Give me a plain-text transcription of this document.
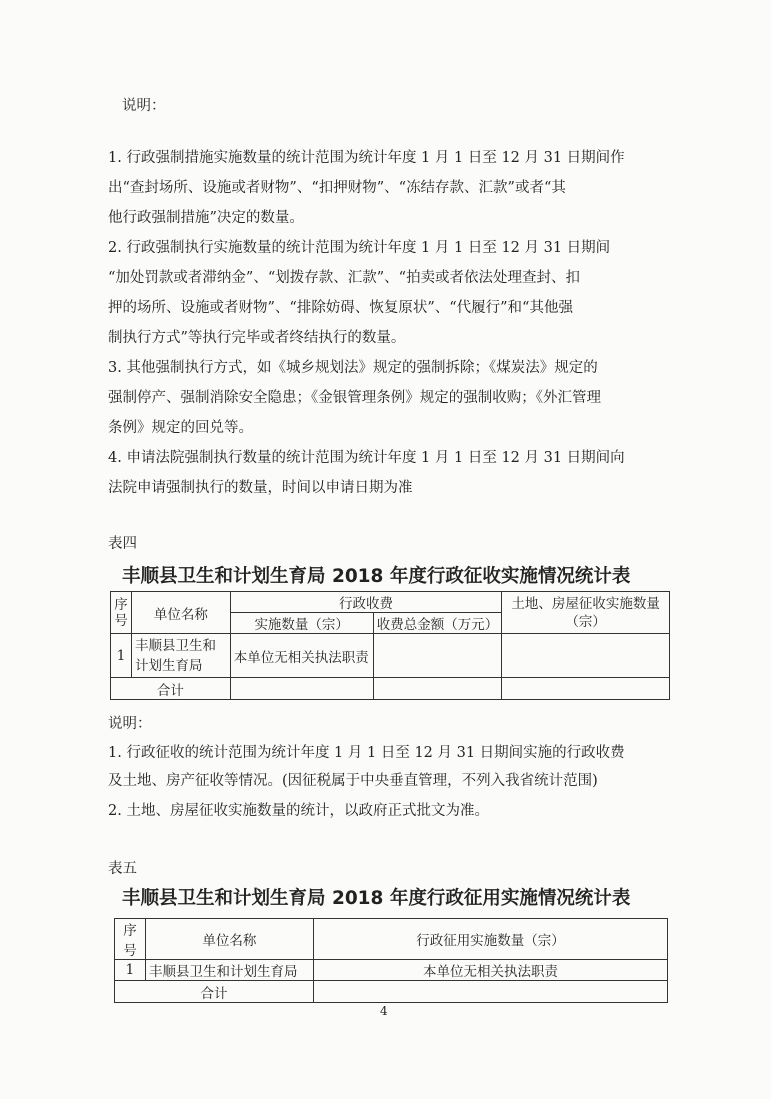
说明：
1. 行政强制措施实施数量的统计范围为统计年度 1 月 1 日至 12 月 31 日期间作
出“查封场所、设施或者财物”、“扣押财物”、“冻结存款、汇款”或者“其
他行政强制措施”决定的数量。
2. 行政强制执行实施数量的统计范围为统计年度 1 月 1 日至 12 月 31 日期间
“加处罚款或者滞纳金”、“划拨存款、汇款”、“拍卖或者依法处理查封、扣
押的场所、设施或者财物”、“排除妨碍、恢复原状”、“代履行”和“其他强
制执行方式”等执行完毕或者终结执行的数量。
3. 其他强制执行方式，如《城乡规划法》规定的强制拆除；《煤炭法》规定的
强制停产、强制消除安全隐患；《金银管理条例》规定的强制收购；《外汇管理
条例》规定的回兑等。
4. 申请法院强制执行数量的统计范围为统计年度 1 月 1 日至 12 月 31 日期间向
法院申请强制执行的数量，时间以申请日期为准
表四
丰顺县卫生和计划生育局 2018 年度行政征收实施情况统计表
序号	单位名称	行政收费		土地、房屋征收实施数量（宗）
		实施数量（宗）	收费总金额（万元）	
1	丰顺县卫生和计划生育局	本单位无相关执法职责		
合计				
说明：
1. 行政征收的统计范围为统计年度 1 月 1 日至 12 月 31 日期间实施的行政收费
及土地、房产征收等情况。(因征税属于中央垂直管理，不列入我省统计范围)
2. 土地、房屋征收实施数量的统计，以政府正式批文为准。
表五
丰顺县卫生和计划生育局 2018 年度行政征用实施情况统计表
序号	单位名称	行政征用实施数量（宗）
1	丰顺县卫生和计划生育局	本单位无相关执法职责
合计		
4
